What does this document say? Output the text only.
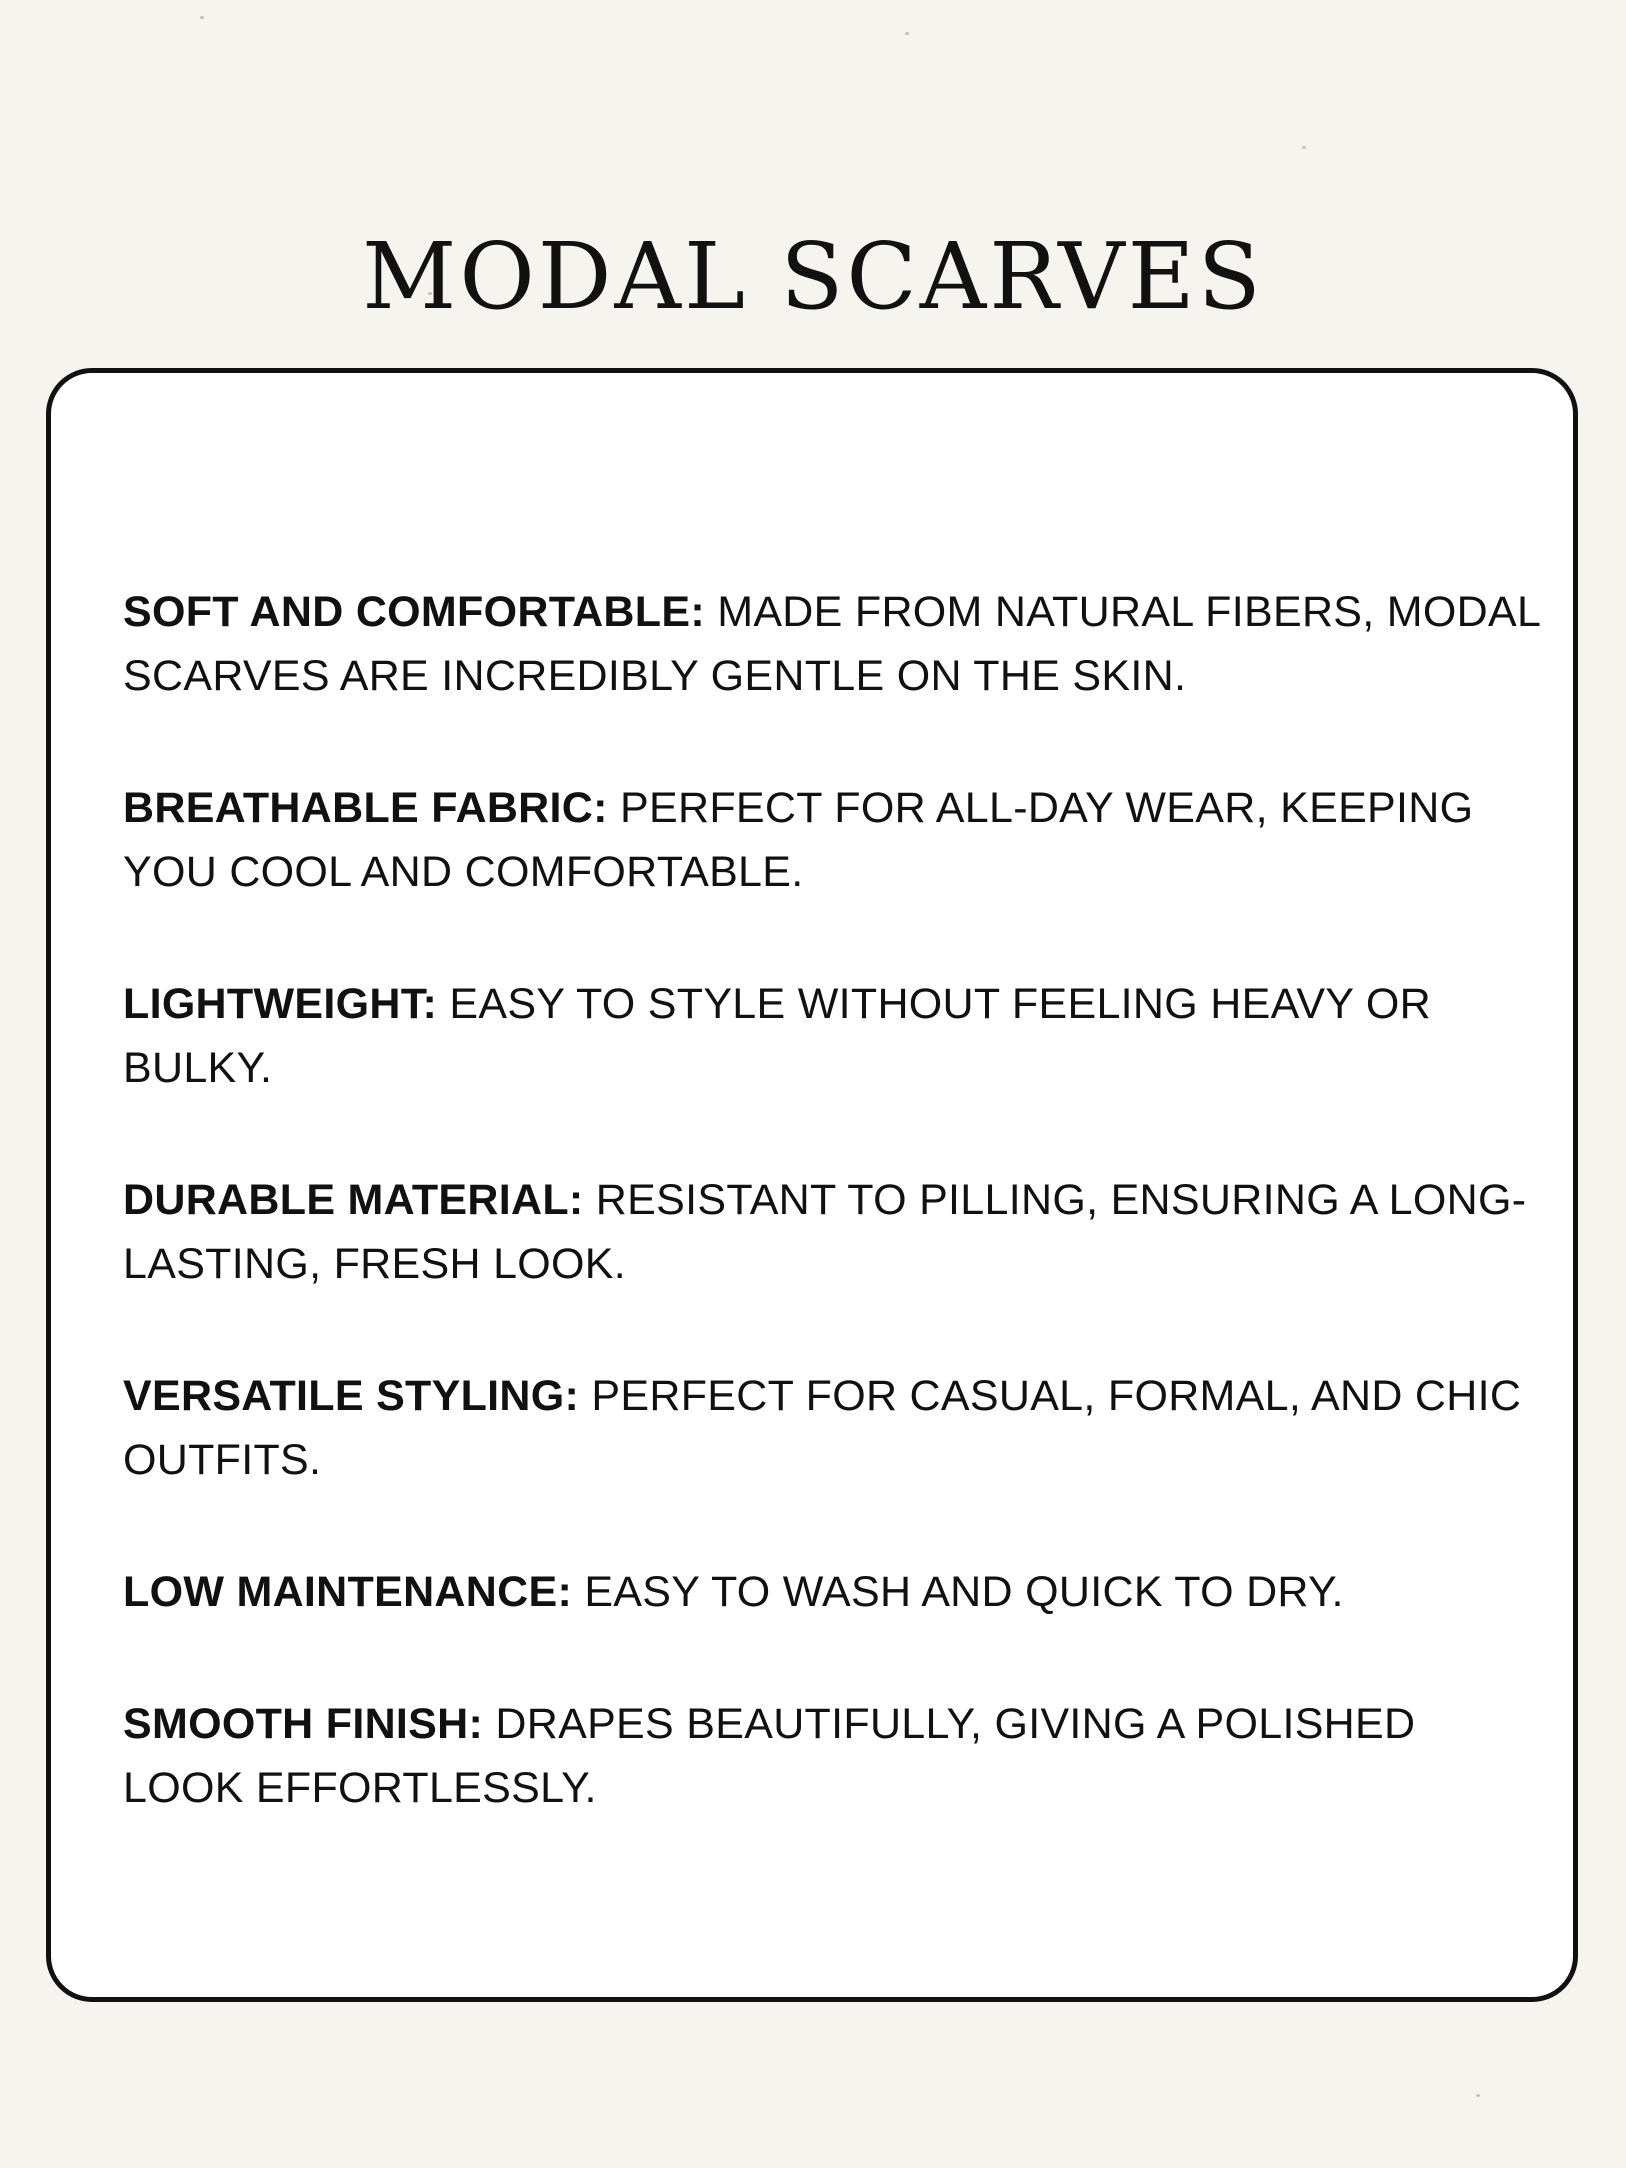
MODAL SCARVES
SOFT AND COMFORTABLE: MADE FROM NATURAL FIBERS, MODAL SCARVES ARE INCREDIBLY GENTLE ON THE SKIN.
BREATHABLE FABRIC: PERFECT FOR ALL-DAY WEAR, KEEPING YOU COOL AND COMFORTABLE.
LIGHTWEIGHT: EASY TO STYLE WITHOUT FEELING HEAVY OR BULKY.
DURABLE MATERIAL: RESISTANT TO PILLING, ENSURING A LONG-LASTING, FRESH LOOK.
VERSATILE STYLING: PERFECT FOR CASUAL, FORMAL, AND CHIC OUTFITS.
LOW MAINTENANCE: EASY TO WASH AND QUICK TO DRY.
SMOOTH FINISH: DRAPES BEAUTIFULLY, GIVING A POLISHED LOOK EFFORTLESSLY.
